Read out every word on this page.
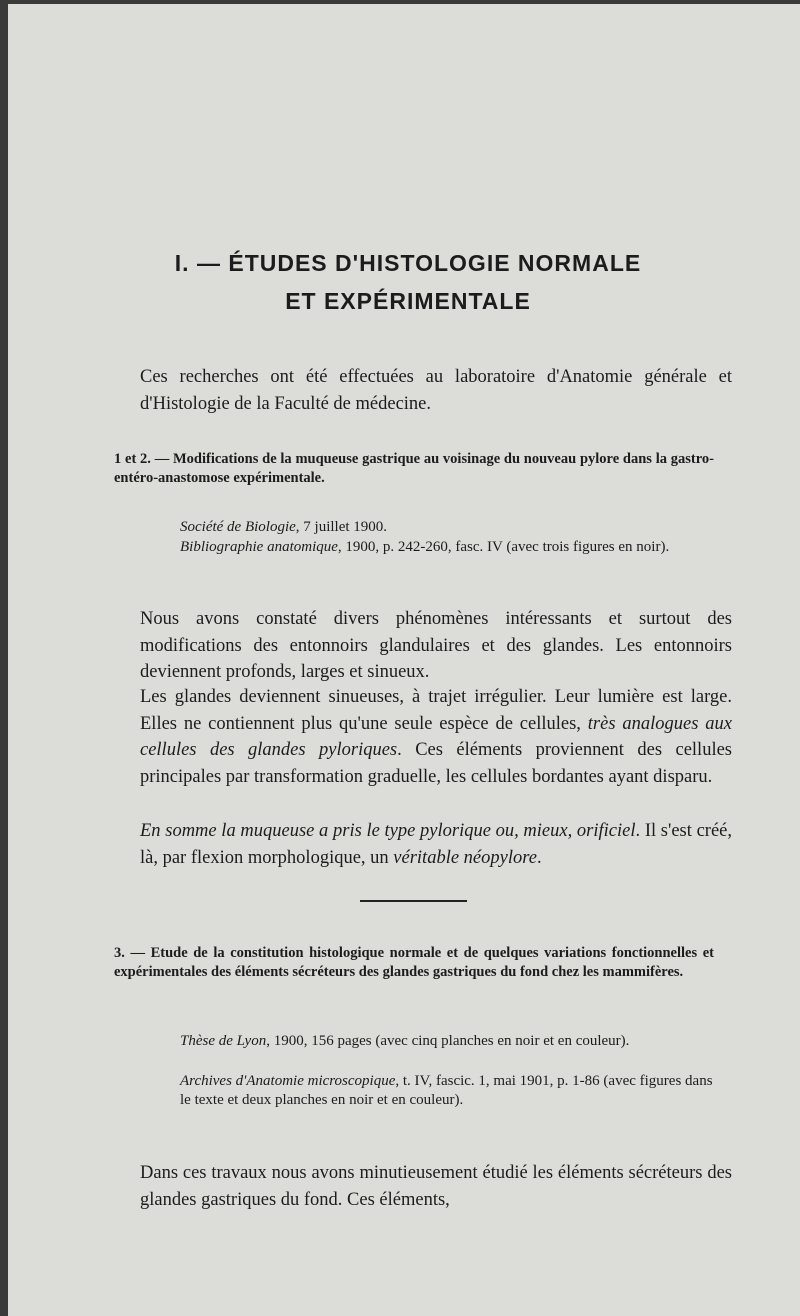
I. — ÉTUDES D'HISTOLOGIE NORMALE
ET EXPÉRIMENTALE
Ces recherches ont été effectuées au laboratoire d'Anatomie générale et d'Histologie de la Faculté de médecine.
1 et 2. — Modifications de la muqueuse gastrique au voisinage du nouveau pylore dans la gastro-entéro-anastomose expérimentale.
Société de Biologie, 7 juillet 1900.
Bibliographie anatomique, 1900, p. 242-260, fasc. IV (avec trois figures en noir).
Nous avons constaté divers phénomènes intéressants et surtout des modifications des entonnoirs glandulaires et des glandes. Les entonnoirs deviennent profonds, larges et sinueux.
Les glandes deviennent sinueuses, à trajet irrégulier. Leur lumière est large. Elles ne contiennent plus qu'une seule espèce de cellules, très analogues aux cellules des glandes pyloriques. Ces éléments proviennent des cellules principales par transformation graduelle, les cellules bordantes ayant disparu.
En somme la muqueuse a pris le type pylorique ou, mieux, orificiel. Il s'est créé, là, par flexion morphologique, un véritable néopylore.
3. — Etude de la constitution histologique normale et de quelques variations fonctionnelles et expérimentales des éléments sécréteurs des glandes gastriques du fond chez les mammifères.
Thèse de Lyon, 1900, 156 pages (avec cinq planches en noir et en couleur).
Archives d'Anatomie microscopique, t. IV, fascic. 1, mai 1901, p. 1-86 (avec figures dans le texte et deux planches en noir et en couleur).
Dans ces travaux nous avons minutieusement étudié les éléments sécréteurs des glandes gastriques du fond. Ces éléments,
